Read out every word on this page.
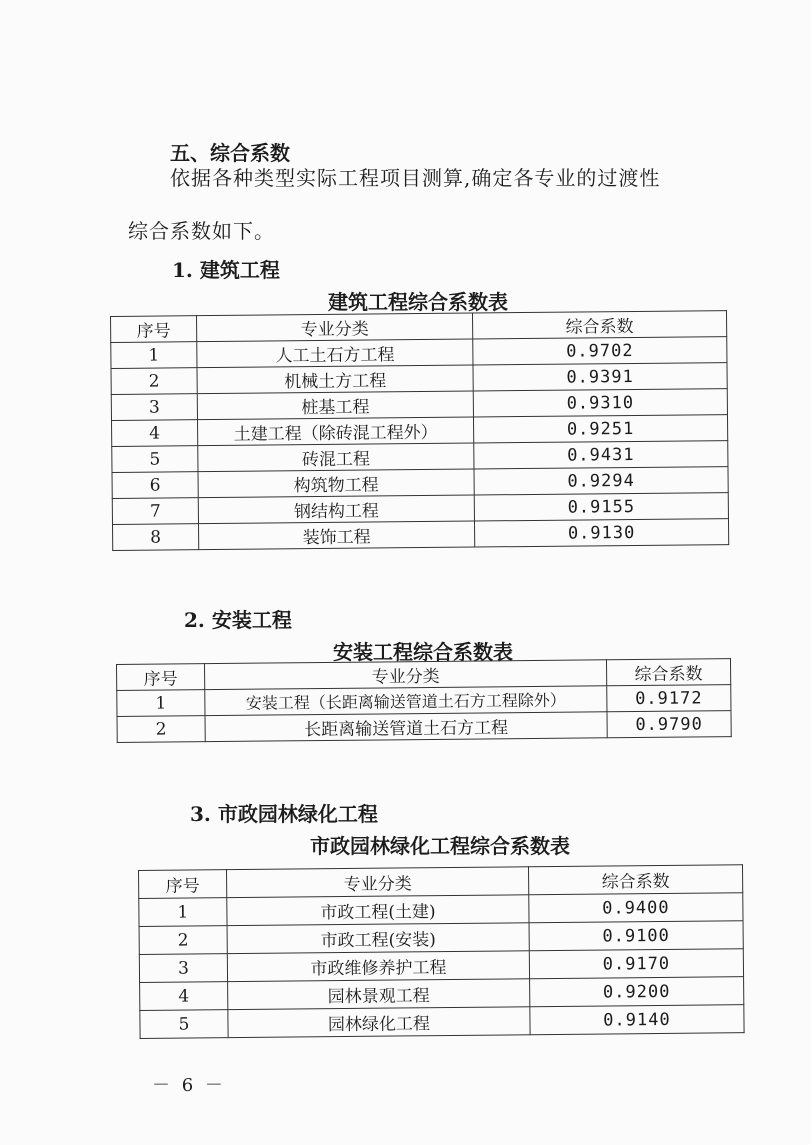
五、综合系数
依据各种类型实际工程项目测算,确定各专业的过渡性
综合系数如下。
1. 建筑工程
建筑工程综合系数表
序号	专业分类	综合系数
1	人工土石方工程	0.9702
2	机械土方工程	0.9391
3	桩基工程	0.9310
4	土建工程（除砖混工程外）	0.9251
5	砖混工程	0.9431
6	构筑物工程	0.9294
7	钢结构工程	0.9155
8	装饰工程	0.9130
2. 安装工程
安装工程综合系数表
序号	专业分类	综合系数
1	安装工程（长距离输送管道土石方工程除外）	0.9172
2	长距离输送管道土石方工程	0.9790
3. 市政园林绿化工程
市政园林绿化工程综合系数表
序号	专业分类	综合系数
1	市政工程(土建)	0.9400
2	市政工程(安装)	0.9100
3	市政维修养护工程	0.9170
4	园林景观工程	0.9200
5	园林绿化工程	0.9140
－ 6 －
